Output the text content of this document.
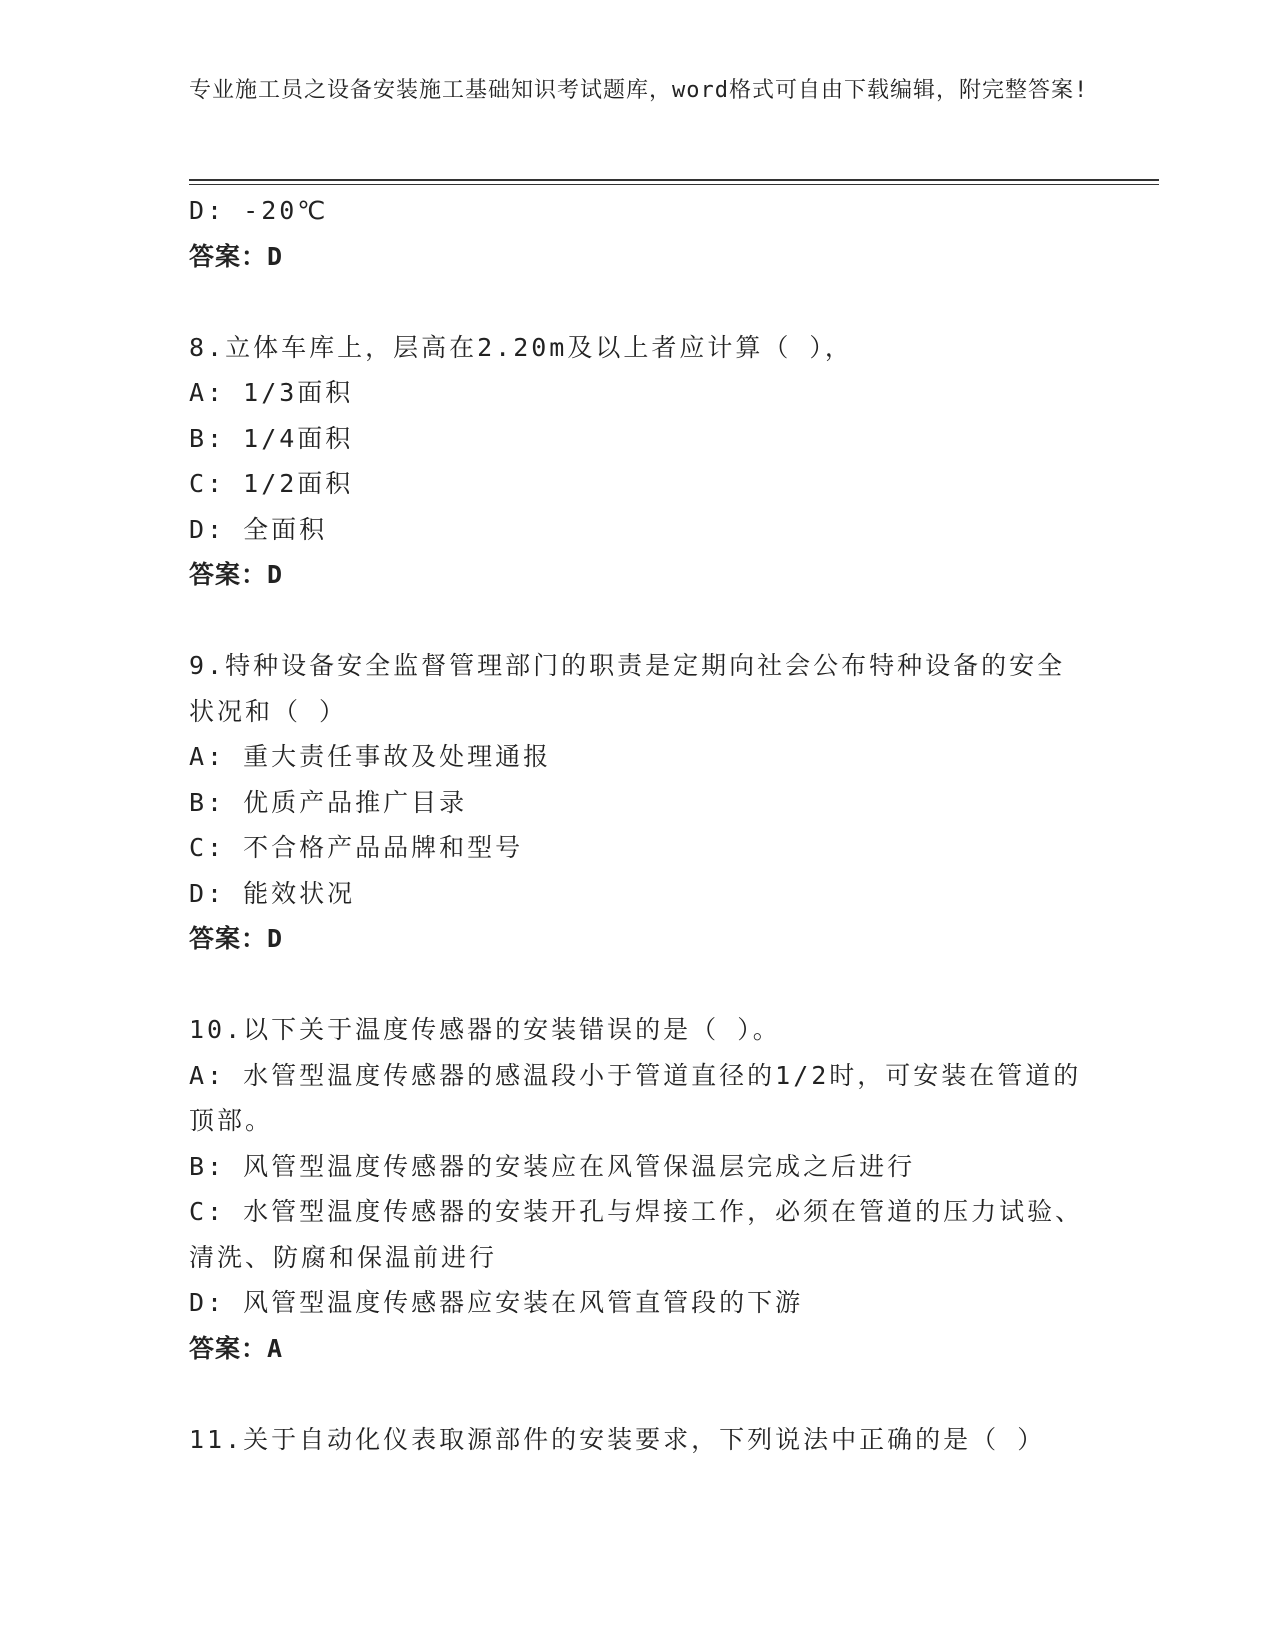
专业施工员之设备安装施工基础知识考试题库，word格式可自由下载编辑，附完整答案!
D: -20℃
答案：D
8.立体车库上，层高在2.20m及以上者应计算（ ），
A: 1/3面积
B: 1/4面积
C: 1/2面积
D: 全面积
答案：D
9.特种设备安全监督管理部门的职责是定期向社会公布特种设备的安全状况和（ ）
A: 重大责任事故及处理通报
B: 优质产品推广目录
C: 不合格产品品牌和型号
D: 能效状况
答案：D
10.以下关于温度传感器的安装错误的是（ ）。
A: 水管型温度传感器的感温段小于管道直径的1/2时，可安装在管道的顶部。
B: 风管型温度传感器的安装应在风管保温层完成之后进行
C: 水管型温度传感器的安装开孔与焊接工作，必须在管道的压力试验、清洗、防腐和保温前进行
D: 风管型温度传感器应安装在风管直管段的下游
答案：A
11.关于自动化仪表取源部件的安装要求，下列说法中正确的是（ ）
